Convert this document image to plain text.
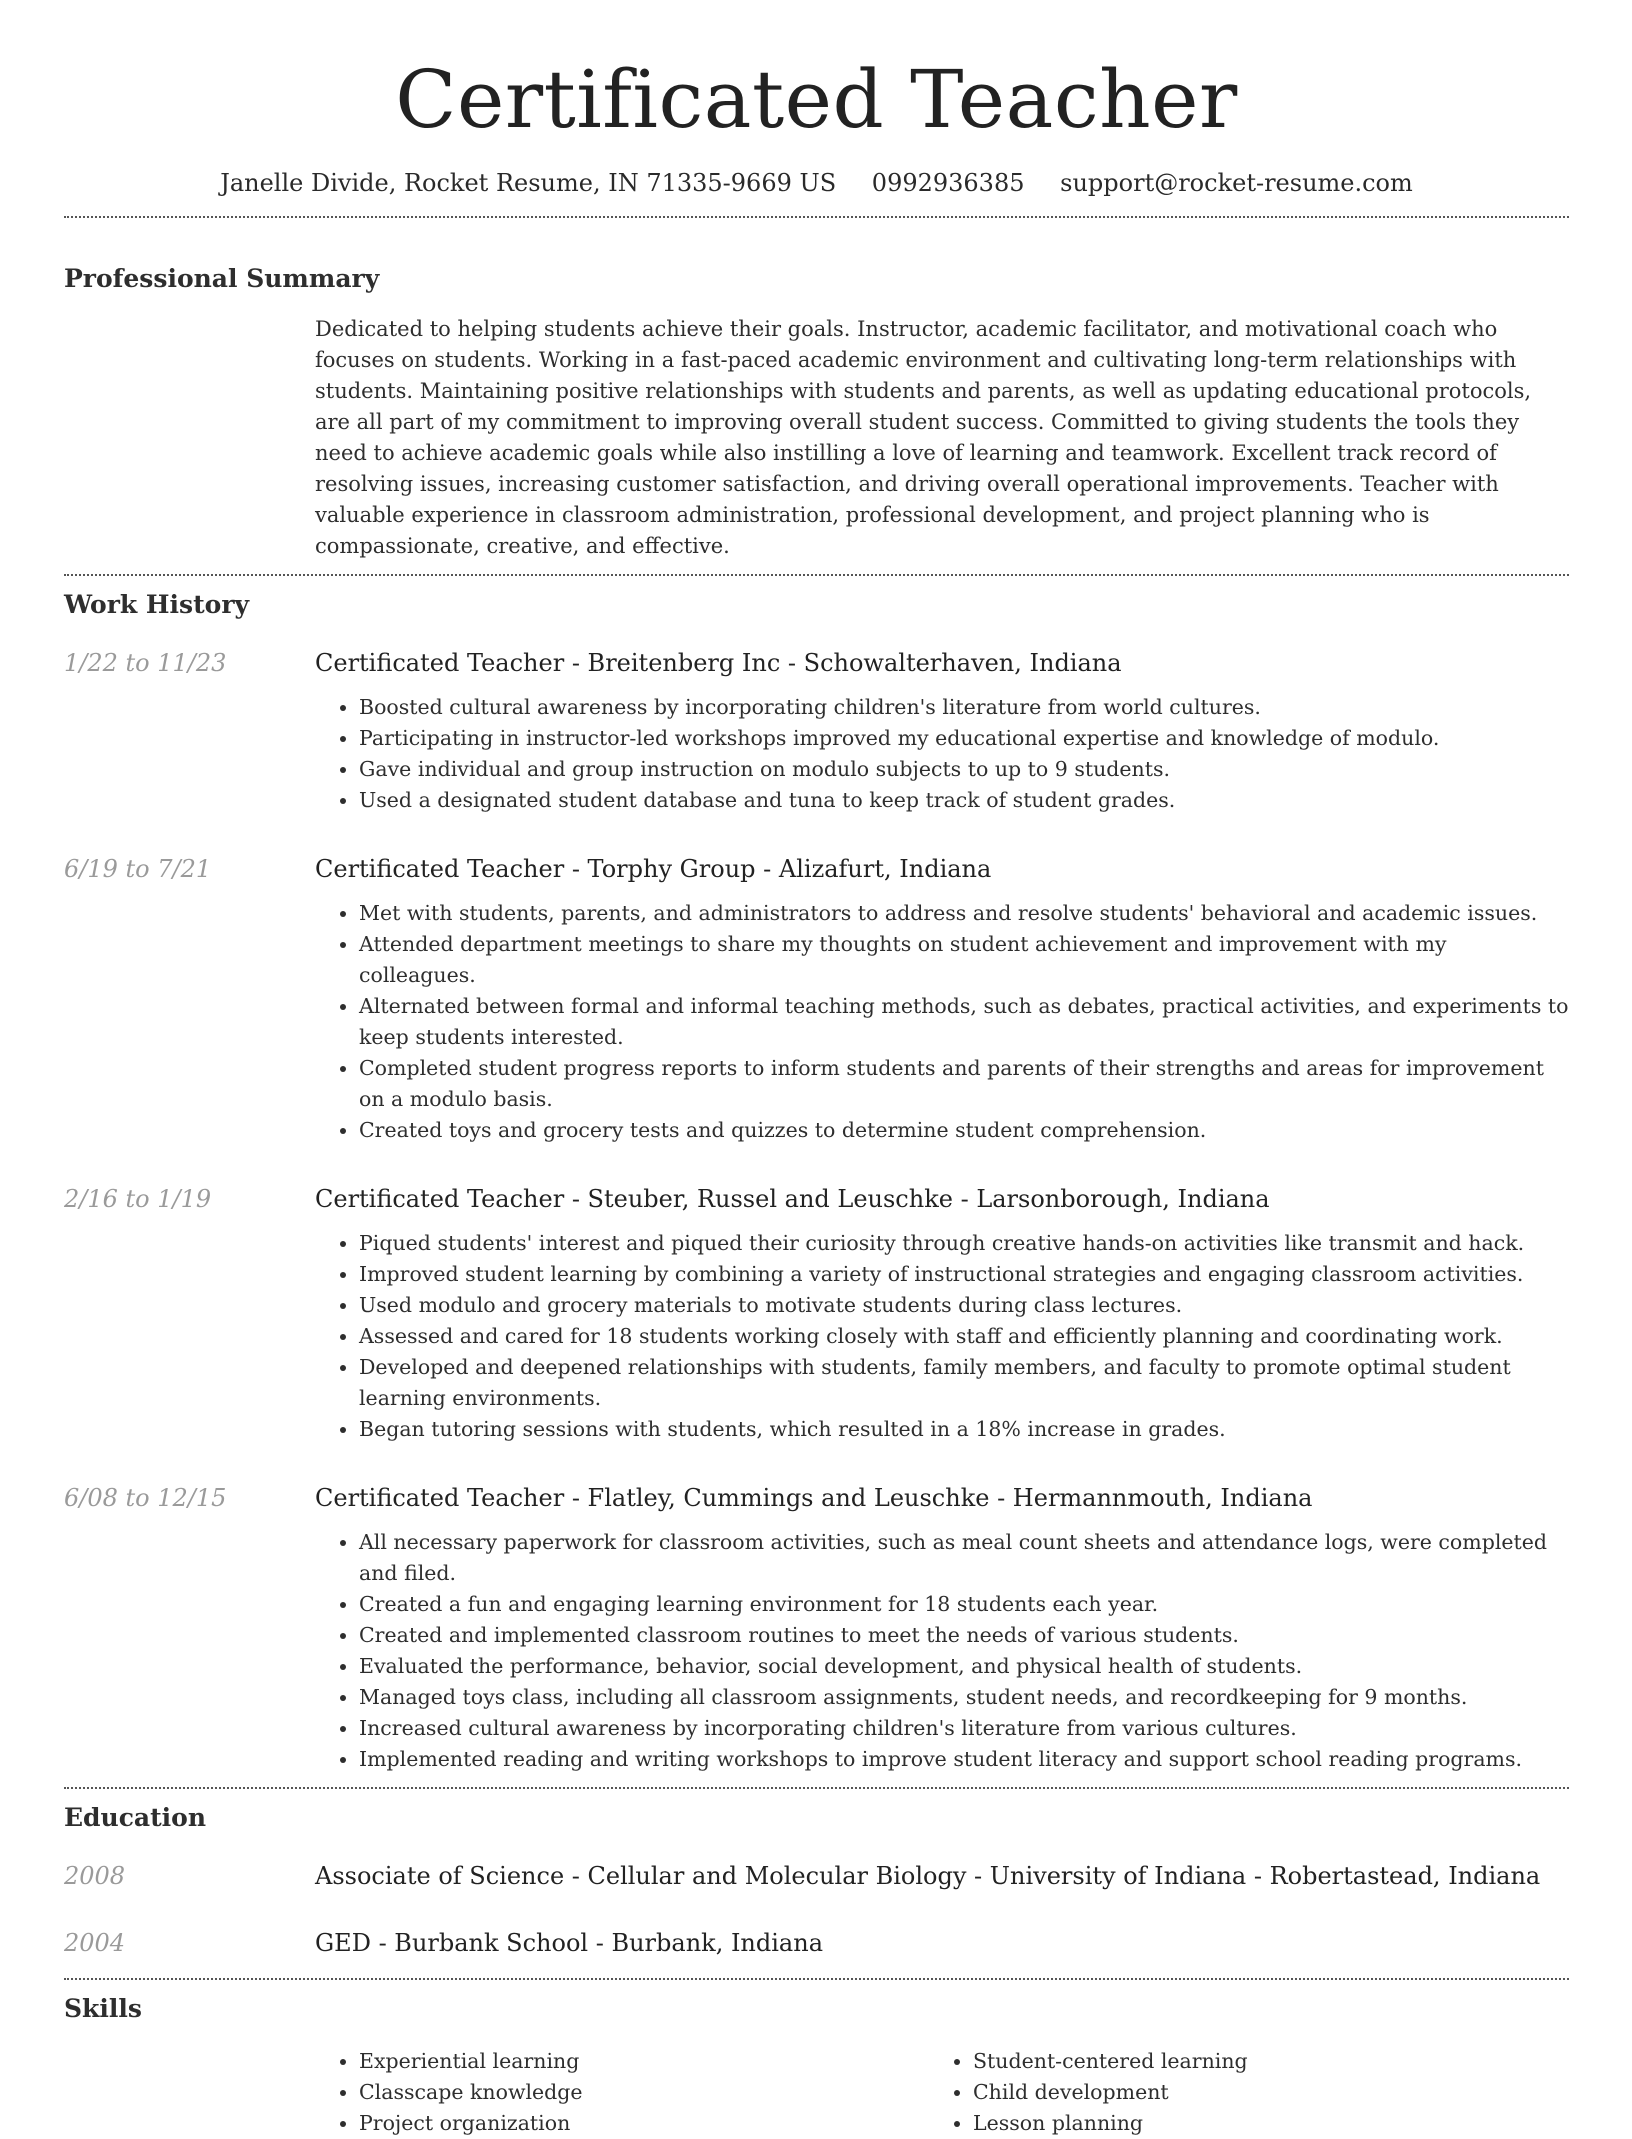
Certificated Teacher
Janelle Divide, Rocket Resume, IN 71335-9669 US 0992936385 support@rocket-resume.com
Professional Summary
Dedicated to helping students achieve their goals. Instructor, academic facilitator, and motivational coach who focuses on students. Working in a fast-paced academic environment and cultivating long-term relationships with students. Maintaining positive relationships with students and parents, as well as updating educational protocols, are all part of my commitment to improving overall student success. Committed to giving students the tools they need to achieve academic goals while also instilling a love of learning and teamwork. Excellent track record of resolving issues, increasing customer satisfaction, and driving overall operational improvements. Teacher with valuable experience in classroom administration, professional development, and project planning who is compassionate, creative, and effective.
Work History
1/22 to 11/23	Certificated Teacher - Breitenberg Inc - Schowalterhaven, Indiana
• Boosted cultural awareness by incorporating children's literature from world cultures.
• Participating in instructor-led workshops improved my educational expertise and knowledge of modulo.
• Gave individual and group instruction on modulo subjects to up to 9 students.
• Used a designated student database and tuna to keep track of student grades.
6/19 to 7/21	Certificated Teacher - Torphy Group - Alizafurt, Indiana
• Met with students, parents, and administrators to address and resolve students' behavioral and academic issues.
• Attended department meetings to share my thoughts on student achievement and improvement with my colleagues.
• Alternated between formal and informal teaching methods, such as debates, practical activities, and experiments to keep students interested.
• Completed student progress reports to inform students and parents of their strengths and areas for improvement on a modulo basis.
• Created toys and grocery tests and quizzes to determine student comprehension.
2/16 to 1/19	Certificated Teacher - Steuber, Russel and Leuschke - Larsonborough, Indiana
• Piqued students' interest and piqued their curiosity through creative hands-on activities like transmit and hack.
• Improved student learning by combining a variety of instructional strategies and engaging classroom activities.
• Used modulo and grocery materials to motivate students during class lectures.
• Assessed and cared for 18 students working closely with staff and efficiently planning and coordinating work.
• Developed and deepened relationships with students, family members, and faculty to promote optimal student learning environments.
• Began tutoring sessions with students, which resulted in a 18% increase in grades.
6/08 to 12/15	Certificated Teacher - Flatley, Cummings and Leuschke - Hermannmouth, Indiana
• All necessary paperwork for classroom activities, such as meal count sheets and attendance logs, were completed and filed.
• Created a fun and engaging learning environment for 18 students each year.
• Created and implemented classroom routines to meet the needs of various students.
• Evaluated the performance, behavior, social development, and physical health of students.
• Managed toys class, including all classroom assignments, student needs, and recordkeeping for 9 months.
• Increased cultural awareness by incorporating children's literature from various cultures.
• Implemented reading and writing workshops to improve student literacy and support school reading programs.
Education
2008	Associate of Science - Cellular and Molecular Biology - University of Indiana - Robertastead, Indiana
2004	GED - Burbank School - Burbank, Indiana
Skills
• Experiential learning
• Classcape knowledge
• Project organization
• Student-centered learning
• Child development
• Lesson planning
